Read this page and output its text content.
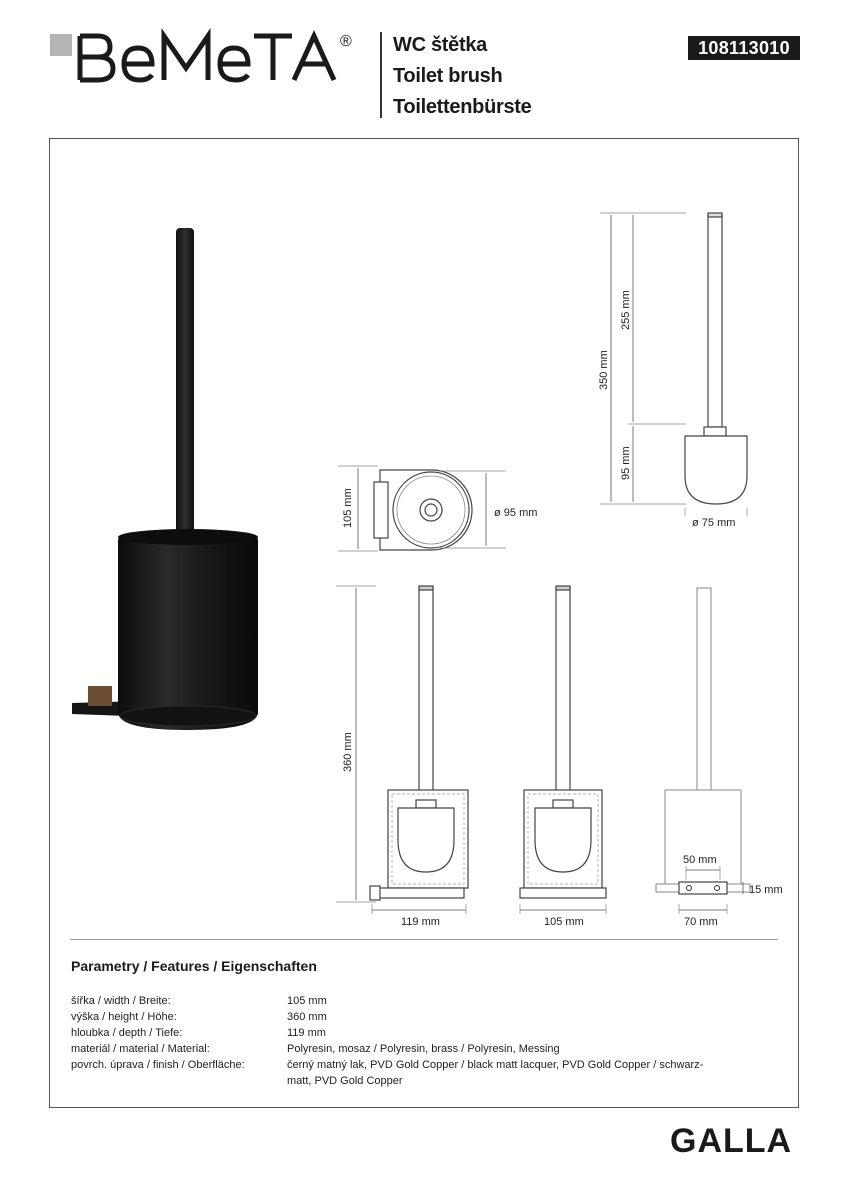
® WC štětka
Toilet brush
Toilettenbürste
108113010
350 mm
255 mm
95 mm
ø 75 mm
105 mm	ø 95 mm
360 mm
119 mm	105 mm
50 mm
15 mm
70 mm
Parametry / Features / Eigenschaften
šířka / width / Breite:	105 mm
výška / height / Höhe:	360 mm
hloubka / depth / Tiefe:	119 mm
materiál / material / Material:	Polyresin, mosaz / Polyresin, brass / Polyresin, Messing
povrch. úprava / finish / Oberfläche:	černý matný lak, PVD Gold Copper / black matt lacquer, PVD Gold Copper / schwarz-matt, PVD Gold Copper
GALLA
